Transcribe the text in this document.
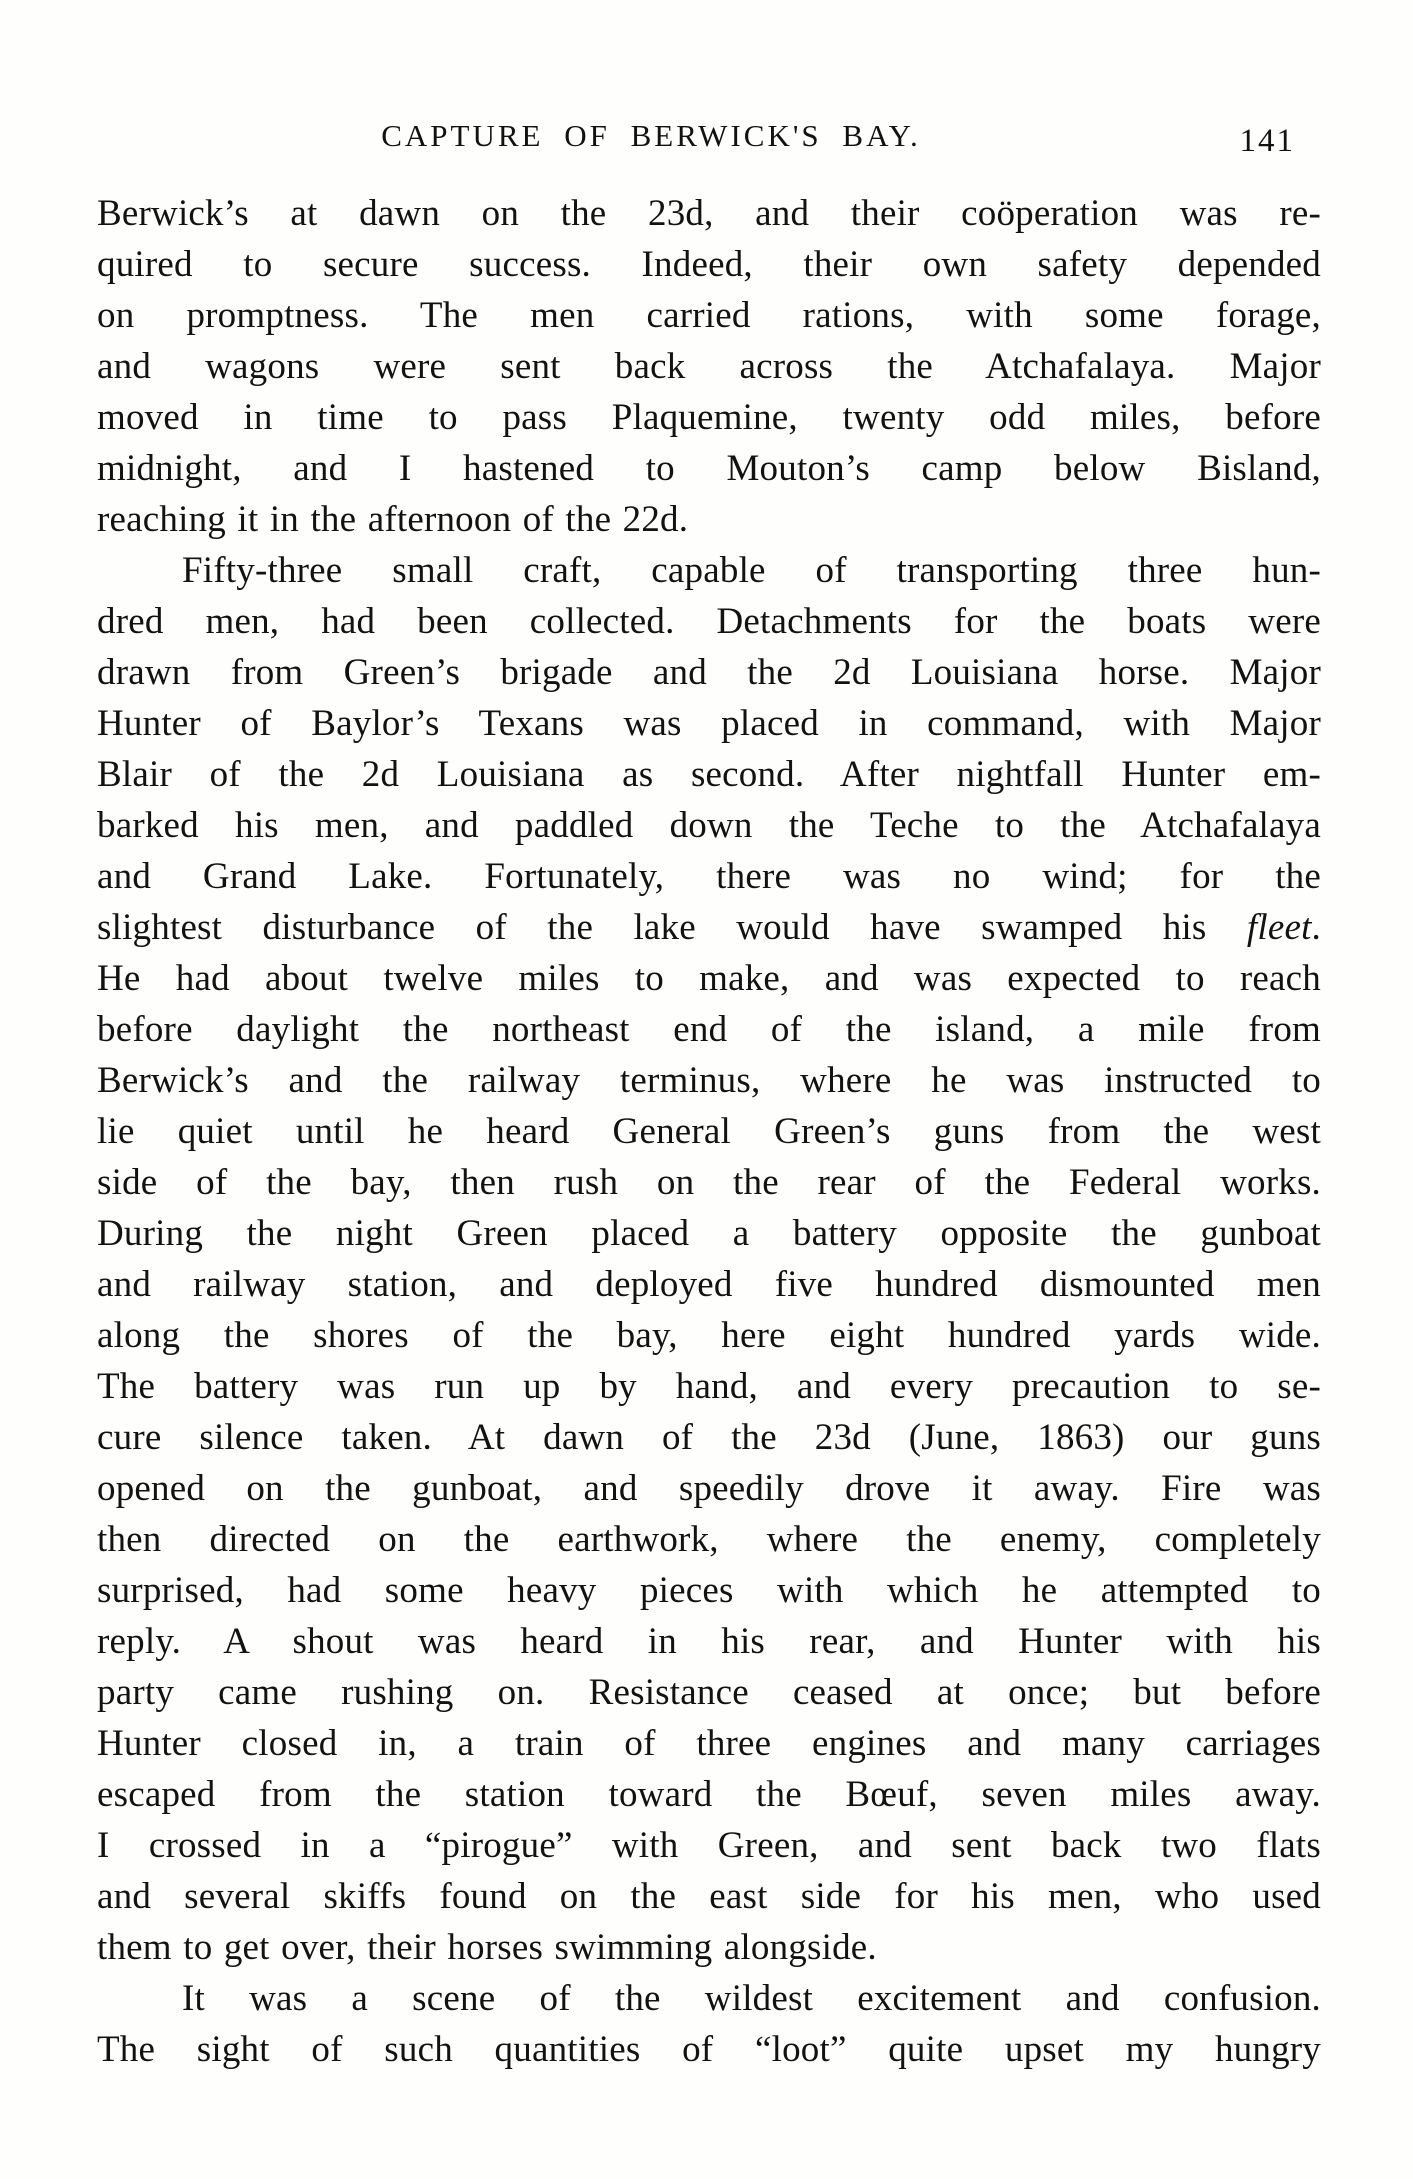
CAPTURE OF BERWICK'S BAY.	141
Berwick’s at dawn on the 23d, and their coöperation was re-
quired to secure success. Indeed, their own safety depended
on promptness. The men carried rations, with some forage,
and wagons were sent back across the Atchafalaya. Major
moved in time to pass Plaquemine, twenty odd miles, before
midnight, and I hastened to Mouton’s camp below Bisland,
reaching it in the afternoon of the 22d.
Fifty-three small craft, capable of transporting three hun-
dred men, had been collected. Detachments for the boats were
drawn from Green’s brigade and the 2d Louisiana horse. Major
Hunter of Baylor’s Texans was placed in command, with Major
Blair of the 2d Louisiana as second. After nightfall Hunter em-
barked his men, and paddled down the Teche to the Atchafalaya
and Grand Lake. Fortunately, there was no wind; for the
slightest disturbance of the lake would have swamped his fleet.
He had about twelve miles to make, and was expected to reach
before daylight the northeast end of the island, a mile from
Berwick’s and the railway terminus, where he was instructed to
lie quiet until he heard General Green’s guns from the west
side of the bay, then rush on the rear of the Federal works.
During the night Green placed a battery opposite the gunboat
and railway station, and deployed five hundred dismounted men
along the shores of the bay, here eight hundred yards wide.
The battery was run up by hand, and every precaution to se-
cure silence taken. At dawn of the 23d (June, 1863) our guns
opened on the gunboat, and speedily drove it away. Fire was
then directed on the earthwork, where the enemy, completely
surprised, had some heavy pieces with which he attempted to
reply. A shout was heard in his rear, and Hunter with his
party came rushing on. Resistance ceased at once; but before
Hunter closed in, a train of three engines and many carriages
escaped from the station toward the Bœuf, seven miles away.
I crossed in a “pirogue” with Green, and sent back two flats
and several skiffs found on the east side for his men, who used
them to get over, their horses swimming alongside.
It was a scene of the wildest excitement and confusion.
The sight of such quantities of “loot” quite upset my hungry
